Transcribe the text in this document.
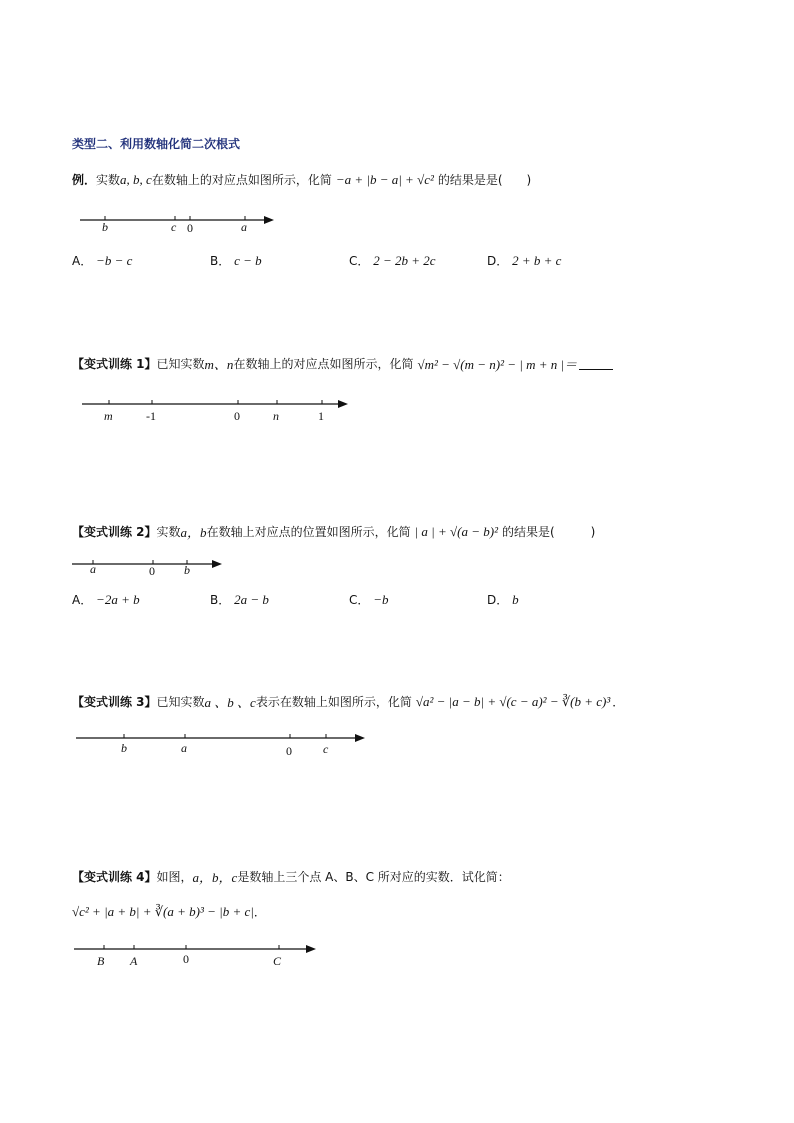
类型二、利用数轴化简二次根式
例． 实数 a, b, c 在数轴上的对应点如图所示，化简 −a + |b − a| + √c² 的结果是是(　　)
b	c 0	a
A． −b − c	B． c − b	C． 2 − 2b + 2c	D． 2 + b + c
【变式训练 1】 已知实数 m、n 在数轴上的对应点如图所示，化简 √m² − √(m − n)² − | m + n |＝
m	-1	0	n	1
【变式训练 2】 实数 a，b 在数轴上对应点的位置如图所示，化简 | a | + √(a − b)² 的结果是(　　　)
a	0 b
A． −2a + b	B． 2a − b	C． −b	D． b
【变式训练 3】 已知实数 a 、b 、c 表示在数轴上如图所示，化简 √a² − |a − b| + √(c − a)² − ∛(b + c)³ ．
b	a	0	c
【变式训练 4】 如图， a，b，c 是数轴上三个点 A、B、C 所对应的实数．试化简：
√c² + |a + b| + ∛(a + b)³ − |b + c| ．
B A	0	C
